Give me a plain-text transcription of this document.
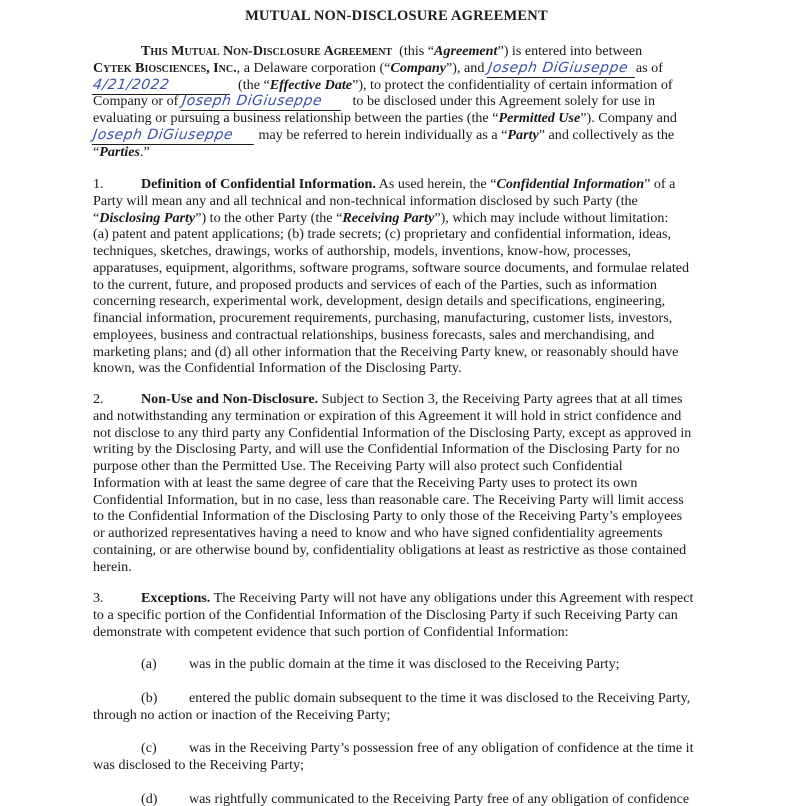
MUTUAL NON-DISCLOSURE AGREEMENT
This Mutual Non-Disclosure Agreement (this “Agreement”) is entered into between
Cytek Biosciences, Inc., a Delaware corporation (“Company”), and Joseph DiGiuseppe as of
4/21/2022	(the “Effective Date”), to protect the confidentiality of certain information of
Company or of Joseph DiGiuseppe to be disclosed under this Agreement solely for use in
evaluating or pursuing a business relationship between the parties (the “Permitted Use”). Company and
Joseph DiGiuseppe may be referred to herein individually as a “Party” and collectively as the
“Parties.”
1.	Definition of Confidential Information. As used herein, the “Confidential Information” of a
Party will mean any and all technical and non-technical information disclosed by such Party (the
“Disclosing Party”) to the other Party (the “Receiving Party”), which may include without limitation:
(a) patent and patent applications; (b) trade secrets; (c) proprietary and confidential information, ideas,
techniques, sketches, drawings, works of authorship, models, inventions, know-how, processes,
apparatuses, equipment, algorithms, software programs, software source documents, and formulae related
to the current, future, and proposed products and services of each of the Parties, such as information
concerning research, experimental work, development, design details and specifications, engineering,
financial information, procurement requirements, purchasing, manufacturing, customer lists, investors,
employees, business and contractual relationships, business forecasts, sales and merchandising, and
marketing plans; and (d) all other information that the Receiving Party knew, or reasonably should have
known, was the Confidential Information of the Disclosing Party.
2.	Non-Use and Non-Disclosure. Subject to Section 3, the Receiving Party agrees that at all times
and notwithstanding any termination or expiration of this Agreement it will hold in strict confidence and
not disclose to any third party any Confidential Information of the Disclosing Party, except as approved in
writing by the Disclosing Party, and will use the Confidential Information of the Disclosing Party for no
purpose other than the Permitted Use. The Receiving Party will also protect such Confidential
Information with at least the same degree of care that the Receiving Party uses to protect its own
Confidential Information, but in no case, less than reasonable care. The Receiving Party will limit access
to the Confidential Information of the Disclosing Party to only those of the Receiving Party’s employees
or authorized representatives having a need to know and who have signed confidentiality agreements
containing, or are otherwise bound by, confidentiality obligations at least as restrictive as those contained
herein.
3.	Exceptions. The Receiving Party will not have any obligations under this Agreement with respect
to a specific portion of the Confidential Information of the Disclosing Party if such Receiving Party can
demonstrate with competent evidence that such portion of Confidential Information:
(a) was in the public domain at the time it was disclosed to the Receiving Party;
(b) entered the public domain subsequent to the time it was disclosed to the Receiving Party,
through no action or inaction of the Receiving Party;
(c) was in the Receiving Party’s possession free of any obligation of confidence at the time it
was disclosed to the Receiving Party;
(d) was rightfully communicated to the Receiving Party free of any obligation of confidence
